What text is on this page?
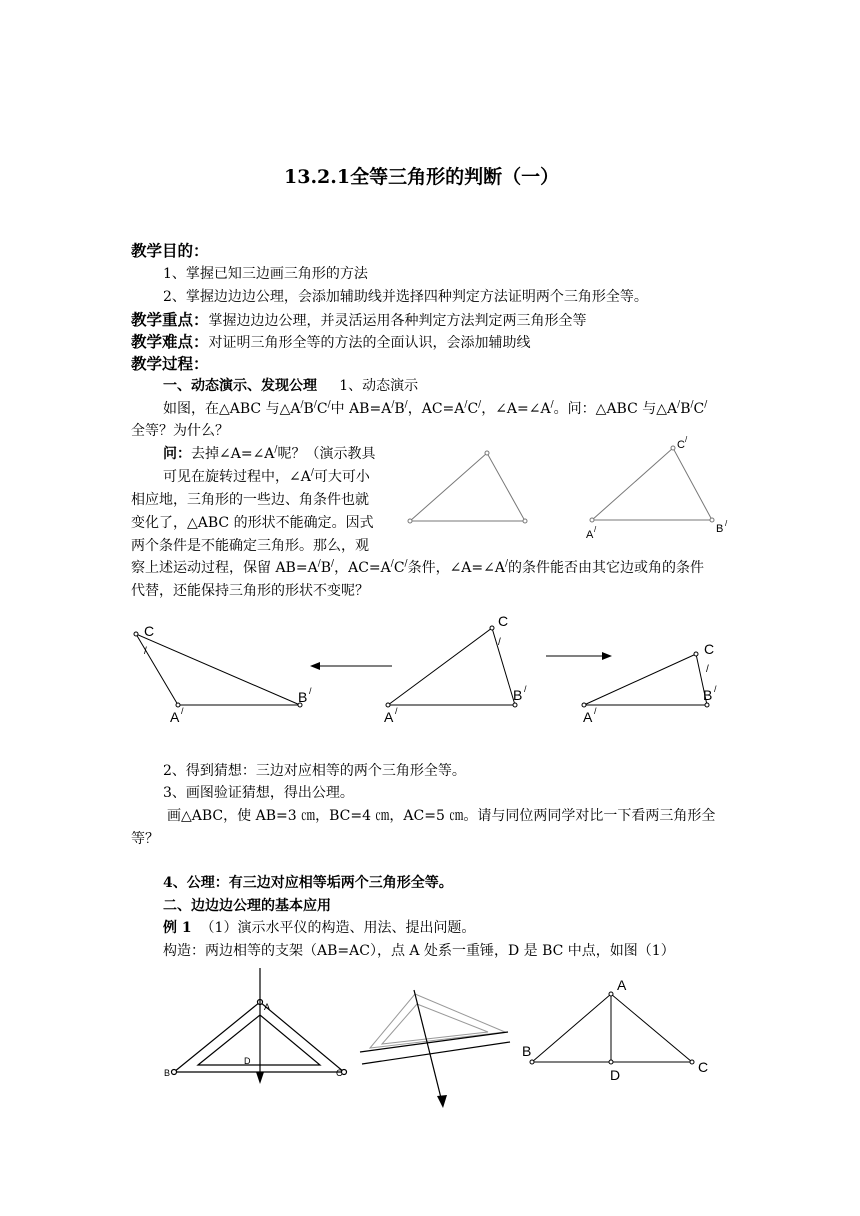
13.2.1全等三角形的判断（一）
教学目的：
1、掌握已知三边画三角形的方法
2、掌握边边边公理，会添加辅助线并选择四种判定方法证明两个三角形全等。
教学重点：掌握边边边公理，并灵活运用各种判定方法判定两三角形全等
教学难点：对证明三角形全等的方法的全面认识，会添加辅助线
教学过程：
一、动态演示、发现公理 1、动态演示
如图，在△ABC 与△A/B/C/中 AB=A/B/，AC=A/C/，∠A=∠A/。问：△ABC 与△A/B/C/
全等？为什么？
问：去掉∠A=∠A/呢？（演示教具
可见在旋转过程中，∠A/可大可小
相应地，三角形的一些边、角条件也就
变化了，△ABC 的形状不能确定。因式
两个条件是不能确定三角形。那么，观
察上述运动过程，保留 AB=A/B/，AC=A/C/条件，∠A=∠A/的条件能否由其它边或角的条件
代替，还能保持三角形的形状不变呢？
C /
A /	B /
C
/
A /
B /
C
/
A /
B /
C
/
A /
B /
2、得到猜想：三边对应相等的两个三角形全等。
3、画图验证猜想，得出公理。
画△ABC，使 AB=3 ㎝，BC=4 ㎝，AC=5 ㎝。请与同位两同学对比一下看两三角形全
等？
4、公理：有三边对应相等垢两个三角形全等。
二、边边边公理的基本应用
例 1 （1）演示水平仪的构造、用法、提出问题。
构造：两边相等的支架（AB=AC），点 A 处系一重锤，D 是 BC 中点，如图（1）
A
B	C
D
A
B
C
D
